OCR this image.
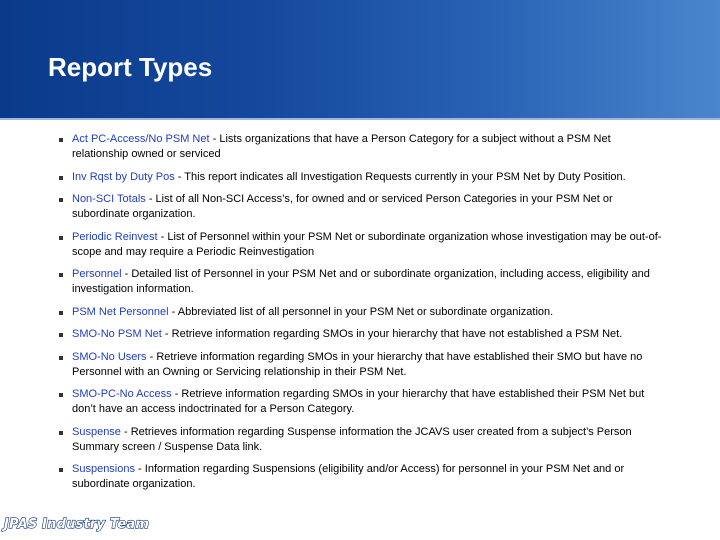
Report Types
Act PC-Access/No PSM Net - Lists organizations that have a Person Category for a subject without a PSM Net relationship owned or serviced
Inv Rqst by Duty Pos - This report indicates all Investigation Requests currently in your PSM Net by Duty Position.
Non-SCI Totals - List of all Non-SCI Access’s, for owned and or serviced Person Categories in your PSM Net or subordinate organization.
Periodic Reinvest - List of Personnel within your PSM Net or subordinate organization whose investigation may be out-of-scope and may require a Periodic Reinvestigation
Personnel - Detailed list of Personnel in your PSM Net and or subordinate organization, including access, eligibility and investigation information.
PSM Net Personnel - Abbreviated list of all personnel in your PSM Net or subordinate organization.
SMO-No PSM Net - Retrieve information regarding SMOs in your hierarchy that have not established a PSM Net.
SMO-No Users - Retrieve information regarding SMOs in your hierarchy that have established their SMO but have no Personnel with an Owning or Servicing relationship in their PSM Net.
SMO-PC-No Access - Retrieve information regarding SMOs in your hierarchy that have established their PSM Net but don’t have an access indoctrinated for a Person Category.
Suspense - Retrieves information regarding Suspense information the JCAVS user created from a subject’s Person Summary screen / Suspense Data link.
Suspensions - Information regarding Suspensions (eligibility and/or Access) for personnel in your PSM Net and or subordinate organization.
JPAS Industry Team
